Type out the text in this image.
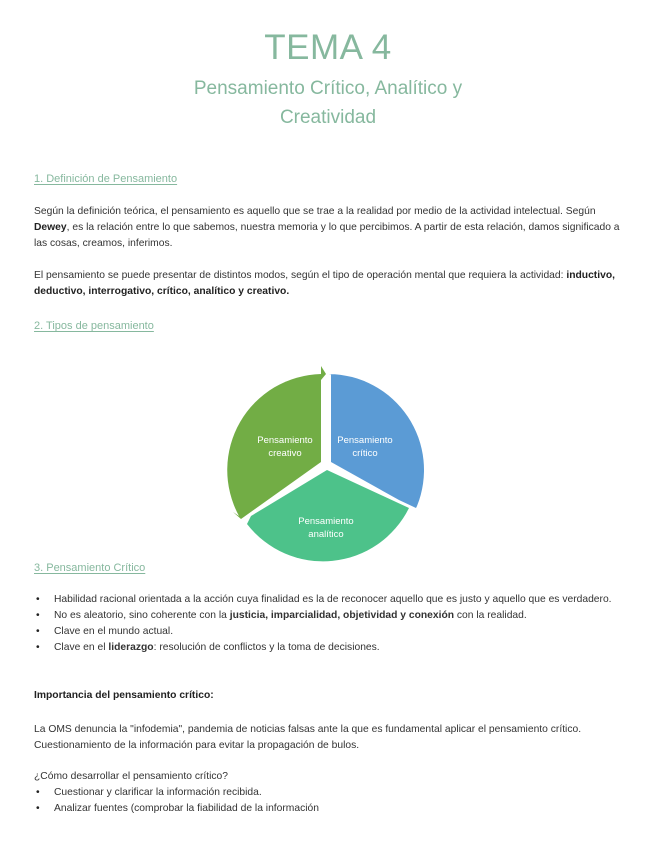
TEMA 4
Pensamiento Crítico, Analítico y
Creatividad
1. Definición de Pensamiento

Según la definición teórica, el pensamiento es aquello que se trae a la realidad por medio de la actividad intelectual. Según Dewey, es la relación entre lo que sabemos, nuestra memoria y lo que percibimos. A partir de esta relación, damos significado a las cosas, creamos, inferimos.

El pensamiento se puede presentar de distintos modos, según el tipo de operación mental que requiera la actividad: inductivo, deductivo, interrogativo, crítico, analítico y creativo.

2. Tipos de pensamiento
Pensamiento
crítico
Pensamiento
analítico
Pensamiento
creativo
3. Pensamiento Crítico
• Habilidad racional orientada a la acción cuya finalidad es la de reconocer aquello que es justo y aquello que es verdadero.
• No es aleatorio, sino coherente con la justicia, imparcialidad, objetividad y conexión con la realidad.
• Clave en el mundo actual.
• Clave en el liderazgo: resolución de conflictos y la toma de decisiones.

Importancia del pensamiento crítico:

La OMS denuncia la "infodemia", pandemia de noticias falsas ante la que es fundamental aplicar el pensamiento crítico. Cuestionamiento de la información para evitar la propagación de bulos.

¿Cómo desarrollar el pensamiento crítico?

• Cuestionar y clarificar la información recibida.
• Analizar fuentes (comprobar la fiabilidad de la información
